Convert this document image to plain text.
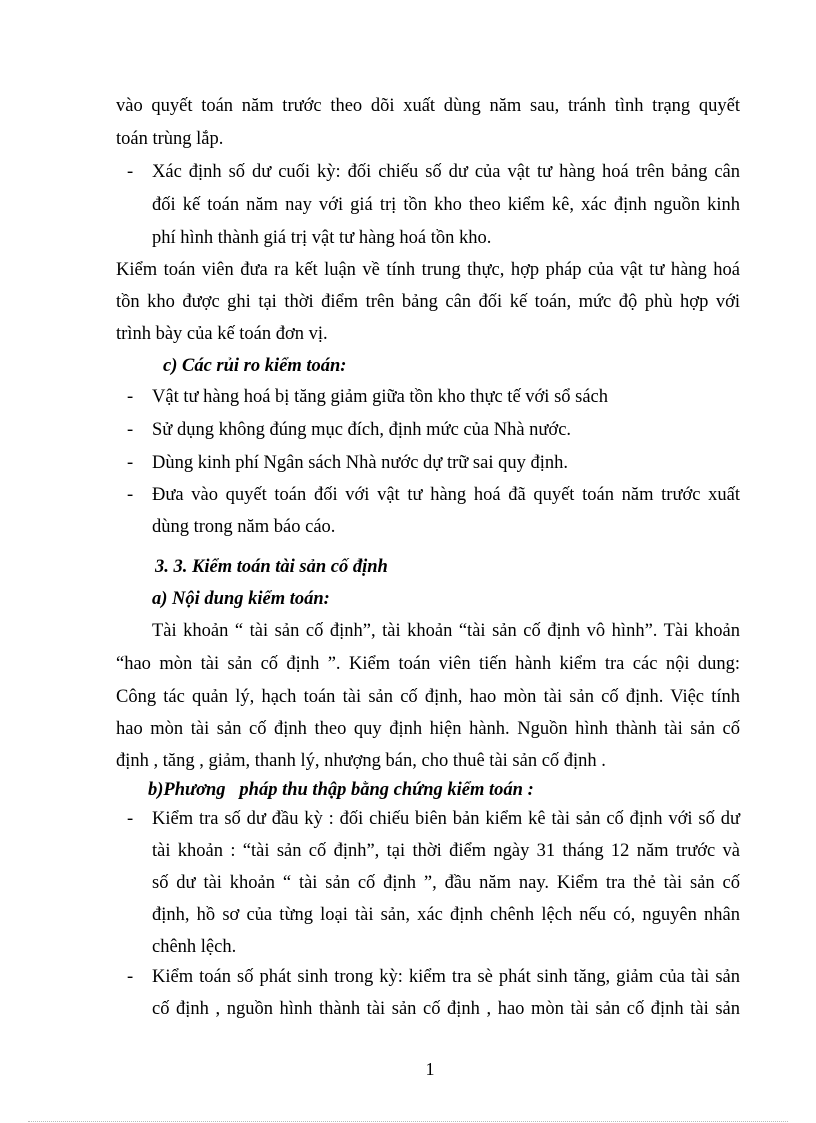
vào quyết toán năm trước theo dõi xuất dùng năm sau, tránh tình trạng quyết
toán trùng lắp.
- Xác định số dư cuối kỳ: đối chiếu số dư của vật tư hàng hoá trên bảng cân
đối kế toán năm nay với giá trị tồn kho theo kiểm kê, xác định nguồn kinh
phí hình thành giá trị vật tư hàng hoá tồn kho.
Kiểm toán viên đưa ra kết luận về tính trung thực, hợp pháp của vật tư hàng hoá
tồn kho được ghi tại thời điểm trên bảng cân đối kế toán, mức độ phù hợp với
trình bày của kế toán đơn vị.
c) Các rủi ro kiểm toán:
- Vật tư hàng hoá bị tăng giảm giữa tồn kho thực tế với sổ sách
- Sử dụng không đúng mục đích, định mức của Nhà nước.
- Dùng kinh phí Ngân sách Nhà nước dự trữ sai quy định.
- Đưa vào quyết toán đối với vật tư hàng hoá đã quyết toán năm trước xuất
dùng trong năm báo cáo.
3. 3. Kiểm toán tài sản cố định
a) Nội dung kiểm toán:
Tài khoản “ tài sản cố định”, tài khoản “tài sản cố định vô hình”. Tài khoản
“hao mòn tài sản cố định ”. Kiểm toán viên tiến hành kiểm tra các nội dung:
Công tác quản lý, hạch toán tài sản cố định, hao mòn tài sản cố định. Việc tính
hao mòn tài sản cố định theo quy định hiện hành. Nguồn hình thành tài sản cố
định , tăng , giảm, thanh lý, nhượng bán, cho thuê tài sản cố định .
b)Phương   pháp thu thập bằng chứng kiểm toán :
- Kiểm tra số dư đầu kỳ : đối chiếu biên bản kiểm kê tài sản cố định với số dư
tài khoản : “tài sản cố định”, tại thời điểm ngày 31 tháng 12 năm trước và
số dư tài khoản “ tài sản cố định ”, đầu năm nay. Kiểm tra thẻ tài sản cố
định, hồ sơ của từng loại tài sản, xác định chênh lệch nếu có, nguyên nhân
chênh lệch.
- Kiểm toán số phát sinh trong kỳ: kiểm tra sè phát sinh tăng, giảm của tài sản
cố định , nguồn hình thành tài sản cố định , hao mòn tài sản cố định tài sản
1
